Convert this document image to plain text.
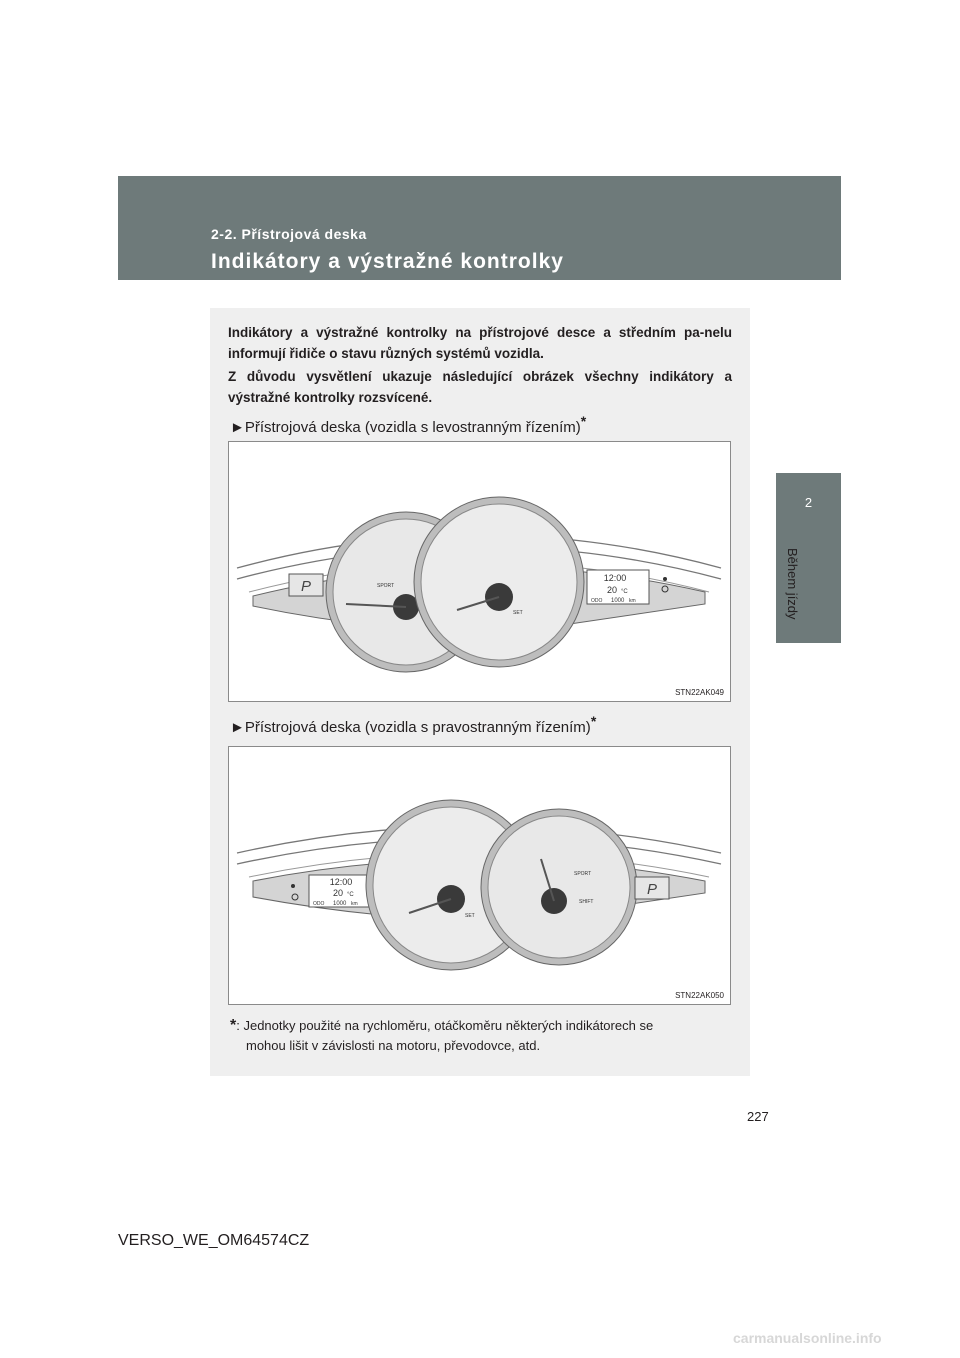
2-2. Přístrojová deska
Indikátory a výstražné kontrolky
2
Během jízdy
Indikátory a výstražné kontrolky na přístrojové desce a středním pa-nelu informují řidiče o stavu různých systémů vozidla.
Z důvodu vysvětlení ukazuje následující obrázek všechny indikátory a výstražné kontrolky rozsvícené.
►Přístrojová deska (vozidla s levostranným řízením)*
P	SPORT
SET
12:00
20 °C
ODO 1000 km
STN22AK049
►Přístrojová deska (vozidla s pravostranným řízením)*
12:00
20 °C
ODO 1000 km
SET
SPORT
SHIFT
P
STN22AK050
*: Jednotky použité na rychloměru, otáčkoměru některých indikátorech se
mohou lišit v závislosti na motoru, převodovce, atd.
227
VERSO_WE_OM64574CZ
carmanualsonline.info
